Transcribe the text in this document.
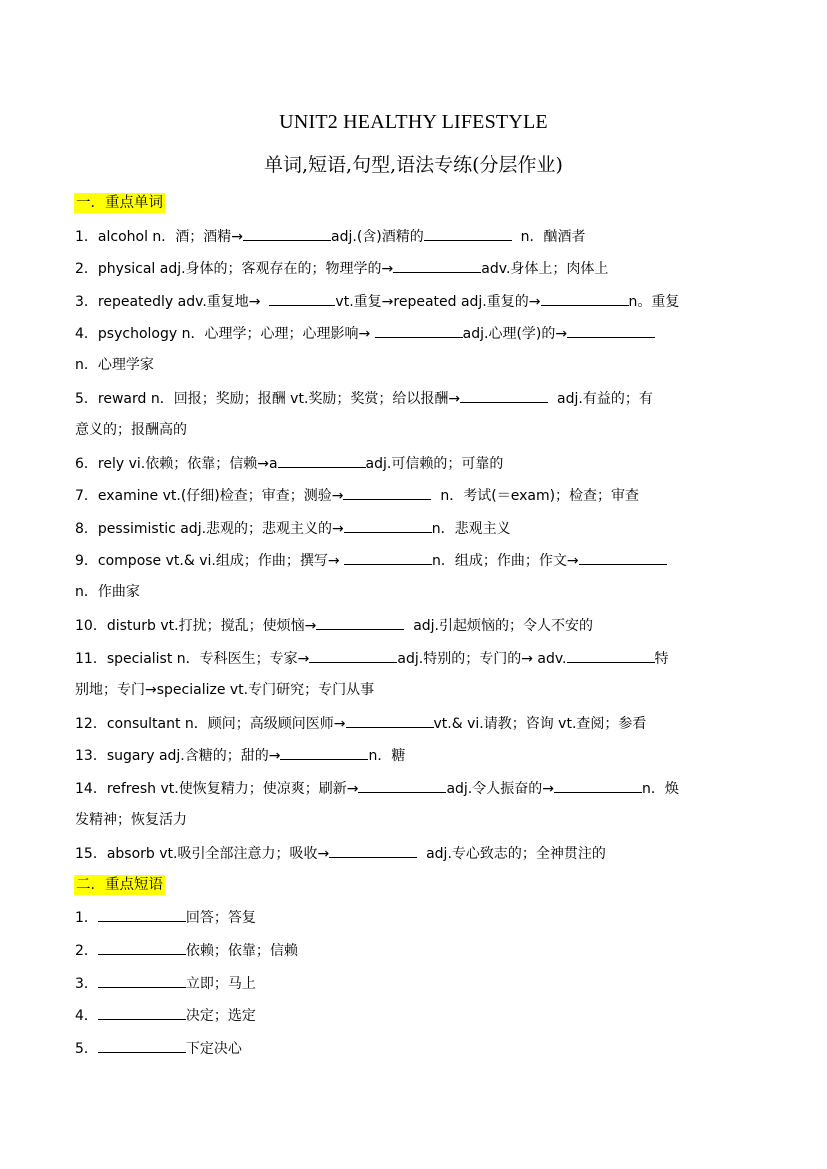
UNIT2 HEALTHY LIFESTYLE
单词,短语,句型,语法专练(分层作业)
一．重点单词
1．alcohol n．酒；酒精→	adj.(含)酒精的	n．酗酒者
2．physical adj.身体的；客观存在的；物理学的→	adv.身体上；肉体上
3．repeatedly adv.重复地→	vt.重复→repeated adj.重复的→	n。重复
4．psychology n．心理学；心理；心理影响→	adj.心理(学)的→
n．心理学家
5．reward n．回报；奖励；报酬 vt.奖励；奖赏；给以报酬→	adj.有益的；有
意义的；报酬高的
6．rely vi.依赖；依靠；信赖→a	adj.可信赖的；可靠的
7．examine vt.(仔细)检查；审查；测验→	n．考试(＝exam)；检查；审查
8．pessimistic adj.悲观的；悲观主义的→	n．悲观主义
9．compose vt.& vi.组成；作曲；撰写→	n．组成；作曲；作文→
n．作曲家
10．disturb vt.打扰；搅乱；使烦恼→	adj.引起烦恼的；令人不安的
11．specialist n．专科医生；专家→	adj.特别的；专门的→ adv.	特
别地；专门→specialize vt.专门研究；专门从事
12．consultant n．顾问；高级顾问医师→	vt.& vi.请教；咨询 vt.查阅；参看
13．sugary adj.含糖的；甜的→	n．糖
14．refresh vt.使恢复精力；使凉爽；刷新→	adj.令人振奋的→	n．焕
发精神；恢复活力
15．absorb vt.吸引全部注意力；吸收→	adj.专心致志的；全神贯注的
二．重点短语
1．	回答；答复
2．	依赖；依靠；信赖
3．	立即；马上
4．	决定；选定
5．	下定决心
